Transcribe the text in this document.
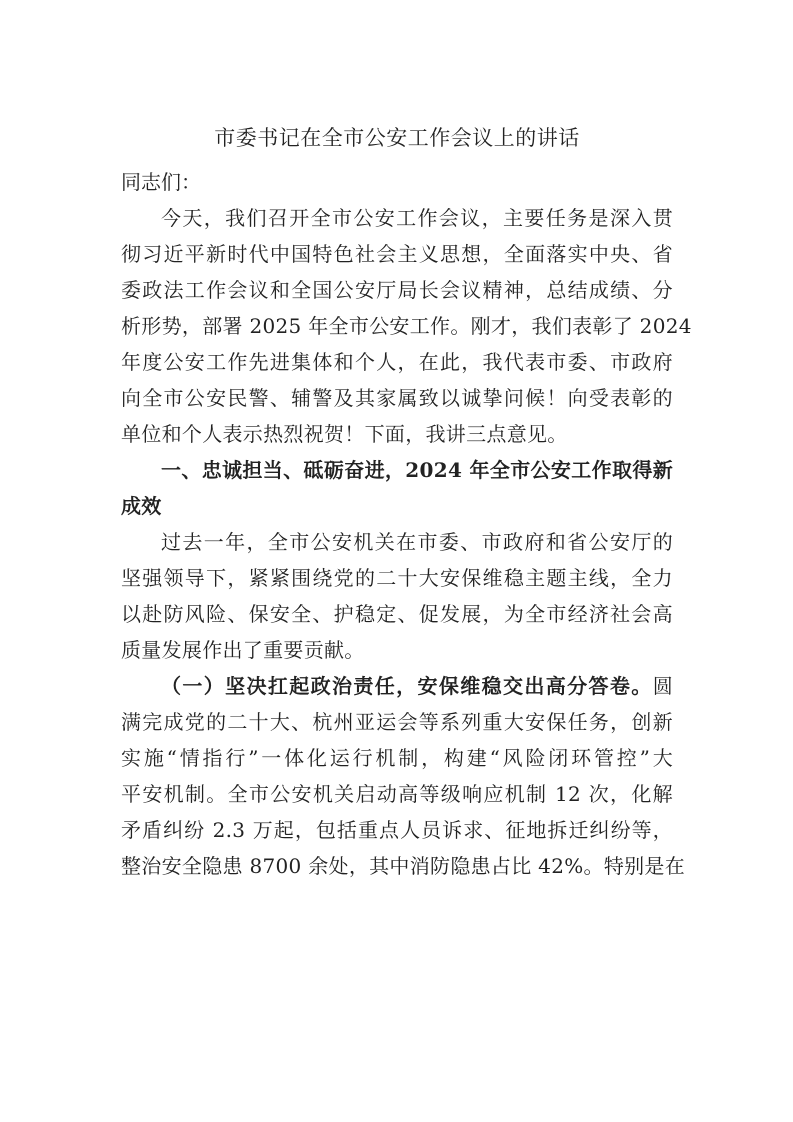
市委书记在全市公安工作会议上的讲话
同志们：
今天，我们召开全市公安工作会议，主要任务是深入贯
彻习近平新时代中国特色社会主义思想，全面落实中央、省
委政法工作会议和全国公安厅局长会议精神，总结成绩、分
析形势，部署 2025 年全市公安工作。刚才，我们表彰了 2024
年度公安工作先进集体和个人，在此，我代表市委、市政府
向全市公安民警、辅警及其家属致以诚挚问候！向受表彰的
单位和个人表示热烈祝贺！下面，我讲三点意见。
一、忠诚担当、砥砺奋进，2024 年全市公安工作取得新
成效
过去一年，全市公安机关在市委、市政府和省公安厅的
坚强领导下，紧紧围绕党的二十大安保维稳主题主线，全力
以赴防风险、保安全、护稳定、促发展，为全市经济社会高
质量发展作出了重要贡献。
（一）坚决扛起政治责任，安保维稳交出高分答卷。圆
满完成党的二十大、杭州亚运会等系列重大安保任务，创新
实施“情指行”一体化运行机制，构建“风险闭环管控”大
平安机制。全市公安机关启动高等级响应机制 12 次，化解
矛盾纠纷 2.3 万起，包括重点人员诉求、征地拆迁纠纷等，
整治安全隐患 8700 余处，其中消防隐患占比 42%。特别是在
